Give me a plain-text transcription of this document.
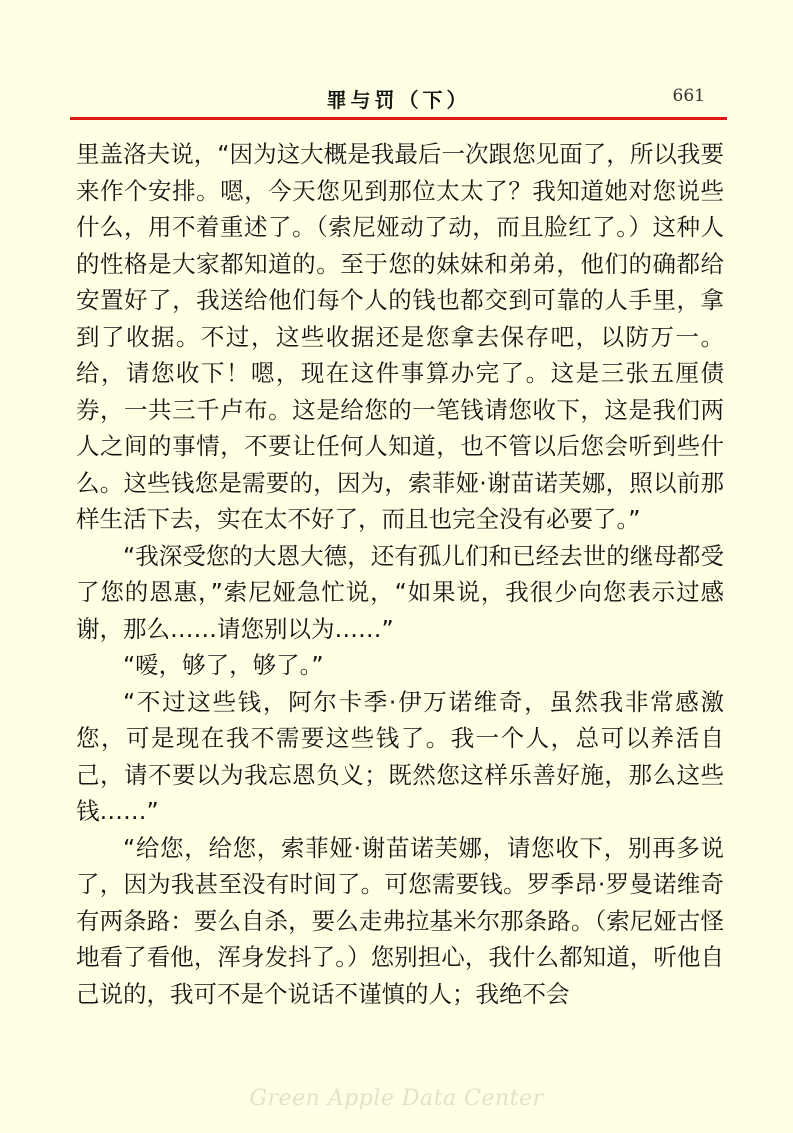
罪与罚（下）	661

里盖洛夫说，“因为这大概是我最后一次跟您见面了，所以我要来作个安排。嗯，今天您见到那位太太了？我知道她对您说些什么，用不着重述了。（索尼娅动了动，而且脸红了。）这种人的性格是大家都知道的。至于您的妹妹和弟弟，他们的确都给安置好了，我送给他们每个人的钱也都交到可靠的人手里，拿到了收据。不过，这些收据还是您拿去保存吧，以防万一。给，请您收下！嗯，现在这件事算办完了。这是三张五厘债券，一共三千卢布。这是给您的一笔钱请您收下，这是我们两人之间的事情，不要让任何人知道，也不管以后您会听到些什么。这些钱您是需要的，因为，索菲娅·谢苗诺芙娜，照以前那样生活下去，实在太不好了，而且也完全没有必要了。”

“我深受您的大恩大德，还有孤儿们和已经去世的继母都受了您的恩惠，”索尼娅急忙说，“如果说，我很少向您表示过感谢，那么……请您别以为……”

“嗳，够了，够了。”

“不过这些钱，阿尔卡季·伊万诺维奇，虽然我非常感激您，可是现在我不需要这些钱了。我一个人，总可以养活自己，请不要以为我忘恩负义；既然您这样乐善好施，那么这些钱……”

“给您，给您，索菲娅·谢苗诺芙娜，请您收下，别再多说了，因为我甚至没有时间了。可您需要钱。罗季昂·罗曼诺维奇有两条路：要么自杀，要么走弗拉基米尔那条路。（索尼娅古怪地看了看他，浑身发抖了。）您别担心，我什么都知道，听他自己说的，我可不是个说话不谨慎的人；我绝不会

Green Apple Data Center
